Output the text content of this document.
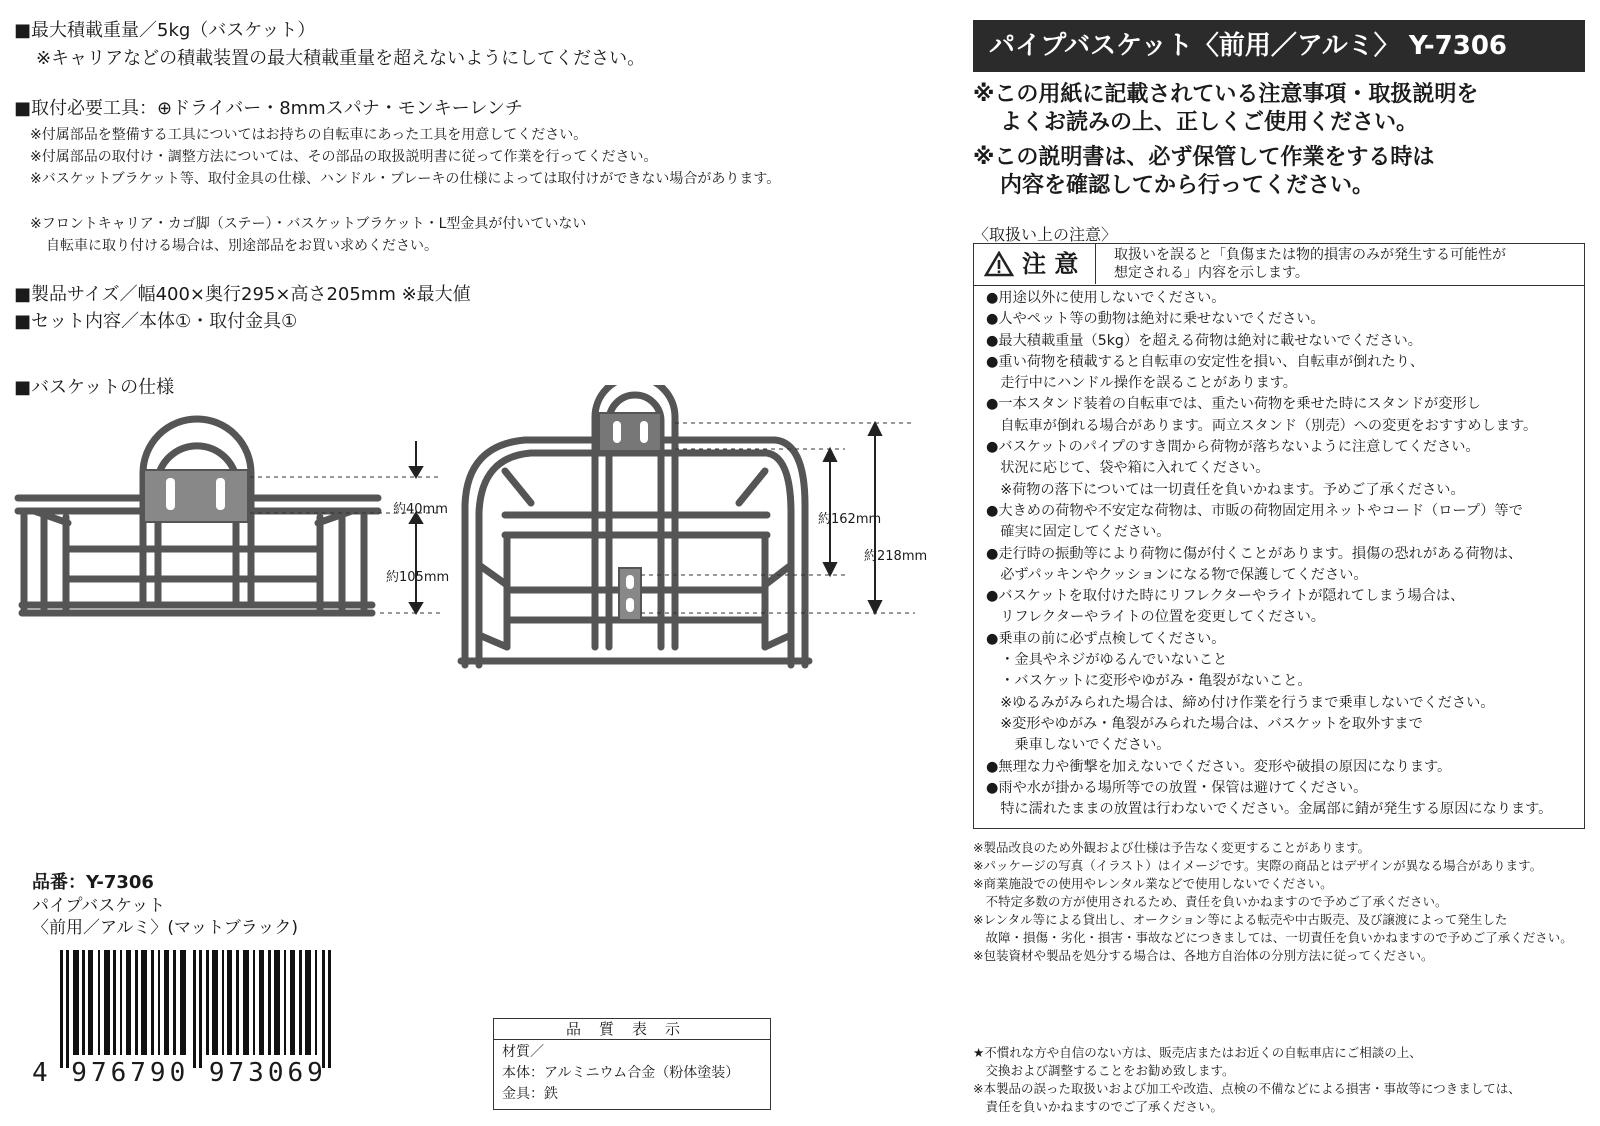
■最大積載重量／5kg（バスケット）
※キャリアなどの積載装置の最大積載重量を超えないようにしてください。
■取付必要工具：⊕ドライバー・8mmスパナ・モンキーレンチ
※付属部品を整備する工具についてはお持ちの自転車にあった工具を用意してください。
※付属部品の取付け・調整方法については、その部品の取扱説明書に従って作業を行ってください。
※バスケットブラケット等、取付金具の仕様、ハンドル・ブレーキの仕様によっては取付けができない場合があります。
※フロントキャリア・カゴ脚（ステー）・バスケットブラケット・L型金具が付いていない
自転車に取り付ける場合は、別途部品をお買い求めください。
■製品サイズ／幅400×奥行295×高さ205mm ※最大値
■セット内容／本体①・取付金具①
■バスケットの仕様
約40mm
約105mm
約162mm
約218mm
品番：Y-7306
パイプバスケット
〈前用／アルミ〉(マットブラック)
4 976790 973069
品質表示
材質／
本体：アルミニウム合金（粉体塗装）
金具：鉄
パイプバスケット〈前用／アルミ〉 Y-7306
※この用紙に記載されている注意事項・取扱説明を
よくお読みの上、正しくご使用ください。
※この説明書は、必ず保管して作業をする時は
内容を確認してから行ってください。
〈取扱い上の注意〉
注 意	取扱いを誤ると「負傷または物的損害のみが発生する可能性が
想定される」内容を示します。
●用途以外に使用しないでください。
●人やペット等の動物は絶対に乗せないでください。
●最大積載重量（5kg）を超える荷物は絶対に載せないでください。
●重い荷物を積載すると自転車の安定性を損い、自転車が倒れたり、
　走行中にハンドル操作を誤ることがあります。
●一本スタンド装着の自転車では、重たい荷物を乗せた時にスタンドが変形し
　自転車が倒れる場合があります。両立スタンド（別売）への変更をおすすめします。
●バスケットのパイプのすき間から荷物が落ちないように注意してください。
　状況に応じて、袋や箱に入れてください。
　※荷物の落下については一切責任を負いかねます。予めご了承ください。
●大きめの荷物や不安定な荷物は、市販の荷物固定用ネットやコード（ロープ）等で
　確実に固定してください。
●走行時の振動等により荷物に傷が付くことがあります。損傷の恐れがある荷物は、
　必ずパッキンやクッションになる物で保護してください。
●バスケットを取付けた時にリフレクターやライトが隠れてしまう場合は、
　リフレクターやライトの位置を変更してください。
●乗車の前に必ず点検してください。
　・金具やネジがゆるんでいないこと
　・バスケットに変形やゆがみ・亀裂がないこと。
　※ゆるみがみられた場合は、締め付け作業を行うまで乗車しないでください。
　※変形やゆがみ・亀裂がみられた場合は、バスケットを取外すまで
　　乗車しないでください。
●無理な力や衝撃を加えないでください。変形や破損の原因になります。
●雨や水が掛かる場所等での放置・保管は避けてください。
　特に濡れたままの放置は行わないでください。金属部に錆が発生する原因になります。
※製品改良のため外観および仕様は予告なく変更することがあります。
※パッケージの写真（イラスト）はイメージです。実際の商品とはデザインが異なる場合があります。
※商業施設での使用やレンタル業などで使用しないでください。
　不特定多数の方が使用されるため、責任を負いかねますので予めご了承ください。
※レンタル等による貸出し、オークション等による転売や中古販売、及び譲渡によって発生した
　故障・損傷・劣化・損害・事故などにつきましては、一切責任を負いかねますので予めご了承ください。
※包装資材や製品を処分する場合は、各地方自治体の分別方法に従ってください。
★不慣れな方や自信のない方は、販売店またはお近くの自転車店にご相談の上、
　交換および調整することをお勧め致します。
※本製品の誤った取扱いおよび加工や改造、点検の不備などによる損害・事故等につきましては、
　責任を負いかねますのでご了承ください。
